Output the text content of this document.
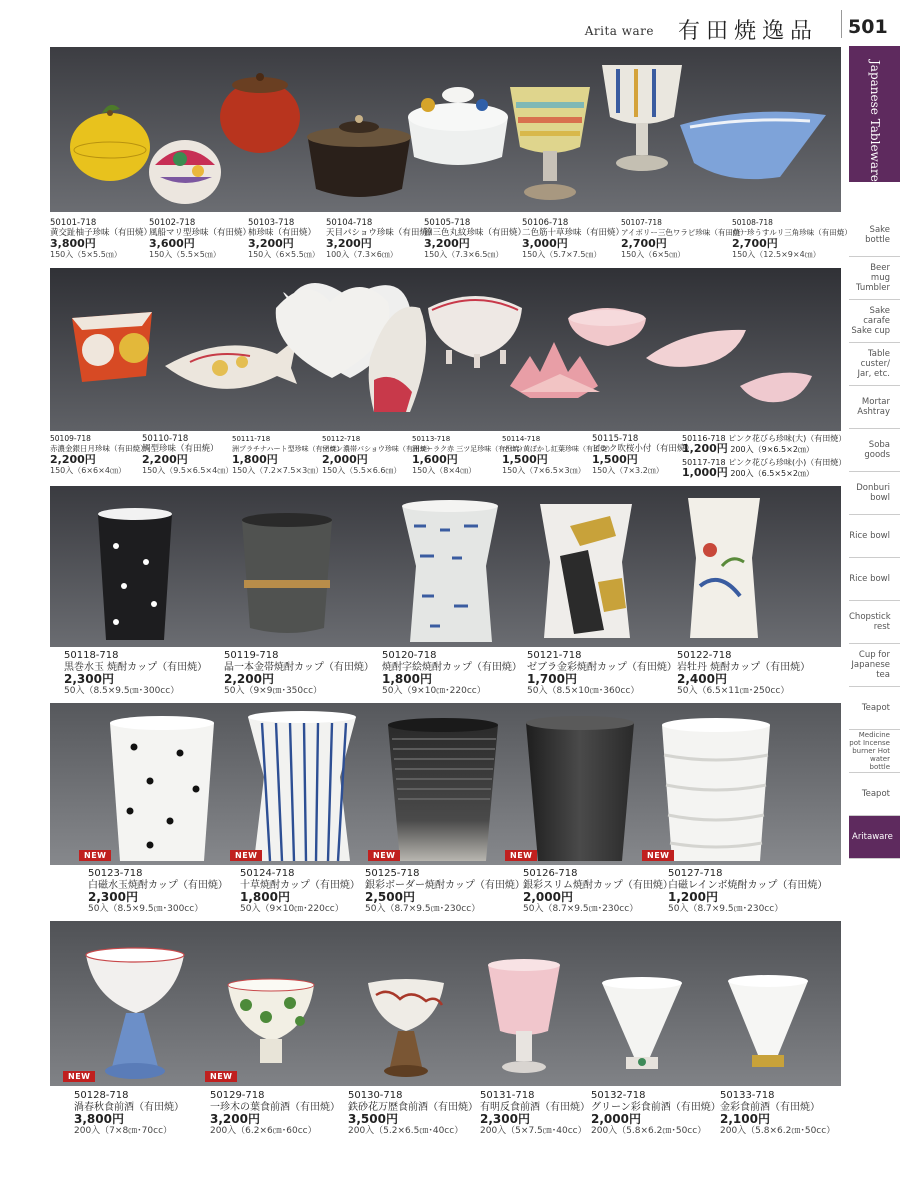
Arita ware 有田焼逸品 501
Japanese Tableware
Sake bottle
Beer mug Tumbler
Sake carafe Sake cup
Table custer/ Jar, etc.
Mortar Ashtray
Soba goods
Donburi bowl
Rice bowl
Rice bowl
Chopstick rest
Cup for Japanese tea
Teapot
Medicine pot Incense burner Hot water bottle
Teapot
Aritaware
50101-718
黄交趾柚子珍味（有田焼）
3,800円
150入（5×5.5㎝）
50102-718
風船マリ型珍味（有田焼）
3,600円
150入（5.5×5㎝）
50103-718
柿珍味（有田焼）
3,200円
150入（6×5.5㎝）
50104-718
天目パショウ珍味（有田焼）
3,200円
100入（7.3×6㎝）
50105-718
錦三色丸紋珍味（有田焼）
3,200円
150入（7.3×6.5㎝）
50106-718
二色筋十草珍味（有田焼）
3,000円
150入（5.7×7.5㎝）
50107-718
アイボリー三色ワラビ珍味（有田焼）
2,700円
150入（6×5㎝）
50108-718
白一珍うすルリ三角珍味（有田焼）
2,700円
150入（12.5×9×4㎝）
50109-718
赤濃金銀日月珍味（有田焼）
2,200円
150入（6×6×4㎝）
50110-718
鯛型珍味（有田焼）
2,200円
150入（9.5×6.5×4㎝）
50111-718
洲プラチナハート型珍味（有田焼）
1,800円
150入（7.2×7.5×3㎝）
50112-718
マロン濃帯パショウ珍味（有田焼）
2,000円
150入（5.5×6.6㎝）
50113-718
洲ヨーラク赤 三ツ足珍味（有田焼）
1,600円
150入（8×4㎝）
50114-718
マロン黄ぼかし紅葉珍味（有田焼）
1,500円
150入（7×6.5×3㎝）
50115-718
ピンク吹桜小付（有田焼）
1,500円
150入（7×3.2㎝）
50116-718 ピンク花びら珍味(大)（有田焼）
1,200円 200入（9×6.5×2㎝）
50117-718 ピンク花びら珍味(小)（有田焼）
1,000円 200入（6.5×5×2㎝）
50118-718
黒巻水玉 焼酎カップ（有田焼）
2,300円
50入（8.5×9.5㎝･300cc）
50119-718
晶一本金帯焼酎カップ（有田焼）
2,200円
50入（9×9㎝･350cc）
50120-718
焼酎字絵焼酎カップ（有田焼）
1,800円
50入（9×10㎝･220cc）
50121-718
ゼブラ金彩焼酎カップ（有田焼）
1,700円
50入（8.5×10㎝･360cc）
50122-718
岩牡丹 焼酎カップ（有田焼）
2,400円
50入（6.5×11㎝･250cc）
NEW	NEW	NEW	NEW	NEW
50123-718
白磁水玉焼酎カップ（有田焼）
2,300円
50入（8.5×9.5㎝･300cc）
50124-718
十草焼酎カップ（有田焼）
1,800円
50入（9×10㎝･220cc）
50125-718
銀彩ボーダー焼酎カップ（有田焼）
2,500円
50入（8.7×9.5㎝･230cc）
50126-718
銀彩スリム焼酎カップ（有田焼）
2,000円
50入（8.7×9.5㎝･230cc）
50127-718
白磁レインボ焼酎カップ（有田焼）
1,200円
50入（8.7×9.5㎝･230cc）
NEW	NEW
50128-718
渦春秋食前酒（有田焼）
3,800円
200入（7×8㎝･70cc）
50129-718
一珍木の葉食前酒（有田焼）
3,200円
200入（6.2×6㎝･60cc）
50130-718
鉄砂花万歴食前酒（有田焼）
3,500円
200入（5.2×6.5㎝･40cc）
50131-718
有明反食前酒（有田焼）
2,300円
200入（5×7.5㎝･40cc）
50132-718
グリーン彩食前酒（有田焼）
2,000円
200入（5.8×6.2㎝･50cc）
50133-718
金彩食前酒（有田焼）
2,100円
200入（5.8×6.2㎝･50cc）
